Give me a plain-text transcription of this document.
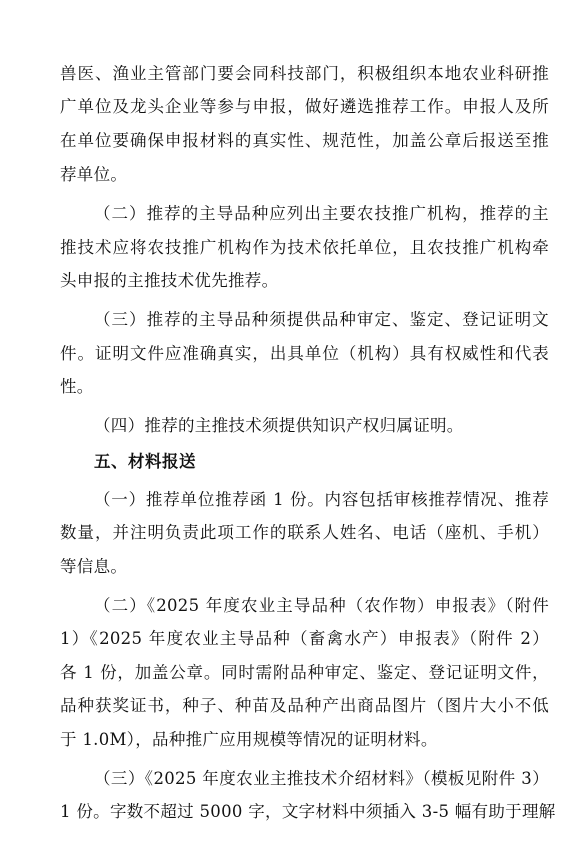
兽医、渔业主管部门要会同科技部门，积极组织本地农业科研推
广单位及龙头企业等参与申报，做好遴选推荐工作。申报人及所
在单位要确保申报材料的真实性、规范性，加盖公章后报送至推
荐单位。
（二）推荐的主导品种应列出主要农技推广机构，推荐的主
推技术应将农技推广机构作为技术依托单位，且农技推广机构牵
头申报的主推技术优先推荐。
（三）推荐的主导品种须提供品种审定、鉴定、登记证明文
件。证明文件应准确真实，出具单位（机构）具有权威性和代表
性。
（四）推荐的主推技术须提供知识产权归属证明。
五、材料报送
（一）推荐单位推荐函 1 份。内容包括审核推荐情况、推荐
数量，并注明负责此项工作的联系人姓名、电话（座机、手机）
等信息。
（二）《2025 年度农业主导品种（农作物）申报表》（附件
1）《2025 年度农业主导品种（畜禽水产）申报表》（附件 2）
各 1 份，加盖公章。同时需附品种审定、鉴定、登记证明文件，
品种获奖证书，种子、种苗及品种产出商品图片（图片大小不低
于 1.0M），品种推广应用规模等情况的证明材料。
（三）《2025 年度农业主推技术介绍材料》（模板见附件 3）
1 份。字数不超过 5000 字，文字材料中须插入 3-5 幅有助于理解
